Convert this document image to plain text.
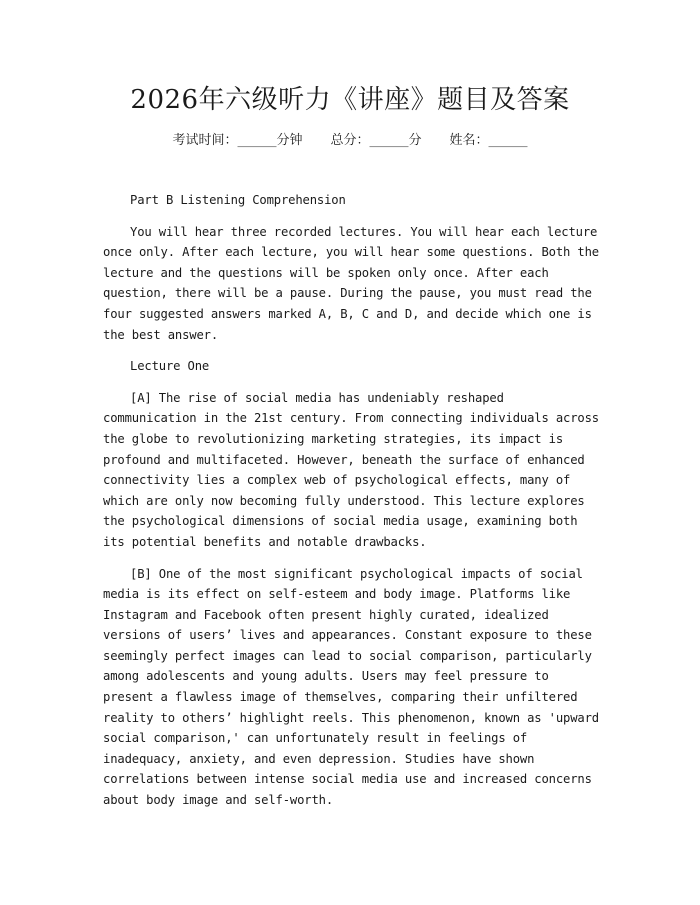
2026年六级听力《讲座》题目及答案
考试时间：______分钟 总分：______分 姓名：______

Part B Listening Comprehension

You will hear three recorded lectures. You will hear each lecture once only. After each lecture, you will hear some questions. Both the lecture and the questions will be spoken only once. After each question, there will be a pause. During the pause, you must read the four suggested answers marked A, B, C and D, and decide which one is the best answer.

Lecture One

[A] The rise of social media has undeniably reshaped communication in the 21st century. From connecting individuals across the globe to revolutionizing marketing strategies, its impact is profound and multifaceted. However, beneath the surface of enhanced connectivity lies a complex web of psychological effects, many of which are only now becoming fully understood. This lecture explores the psychological dimensions of social media usage, examining both its potential benefits and notable drawbacks.

[B] One of the most significant psychological impacts of social media is its effect on self-esteem and body image. Platforms like Instagram and Facebook often present highly curated, idealized versions of users’ lives and appearances. Constant exposure to these seemingly perfect images can lead to social comparison, particularly among adolescents and young adults. Users may feel pressure to present a flawless image of themselves, comparing their unfiltered reality to others’ highlight reels. This phenomenon, known as 'upward social comparison,' can unfortunately result in feelings of inadequacy, anxiety, and even depression. Studies have shown correlations between intense social media use and increased concerns about body image and self-worth.
